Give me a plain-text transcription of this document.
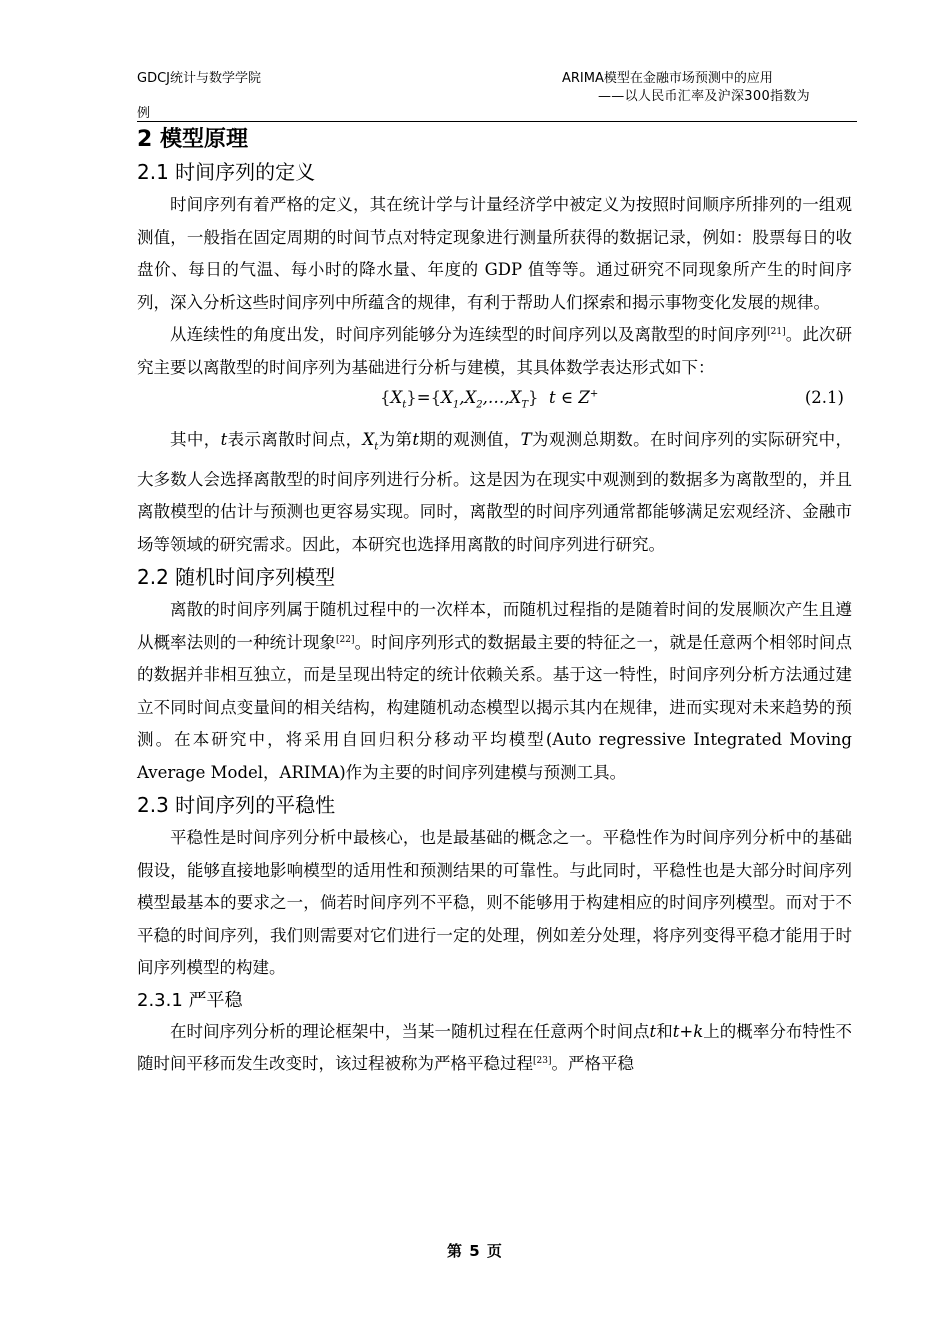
GDCJ统计与数学学院	ARIMA模型在金融市场预测中的应用
——以人民币汇率及沪深300指数为
例
2 模型原理
2.1 时间序列的定义

时间序列有着严格的定义，其在统计学与计量经济学中被定义为按照时间顺序所排列的一组观测值，一般指在固定周期的时间节点对特定现象进行测量所获得的数据记录，例如：股票每日的收盘价、每日的气温、每小时的降水量、年度的 GDP 值等等。通过研究不同现象所产生的时间序列，深入分析这些时间序列中所蕴含的规律，有利于帮助人们探索和揭示事物变化发展的规律。

从连续性的角度出发，时间序列能够分为连续型的时间序列以及离散型的时间序列[21]。此次研究主要以离散型的时间序列为基础进行分析与建模，其具体数学表达形式如下：

$\{X_t\}=\{X_1,X_2,\dots,X_T\}$  t ∈ Z+	(2.1)

其中，t表示离散时间点，$X_t$为第t期的观测值，T为观测总期数。在时间序列的实际研究中，大多数人会选择离散型的时间序列进行分析。这是因为在现实中观测到的数据多为离散型的，并且离散模型的估计与预测也更容易实现。同时，离散型的时间序列通常都能够满足宏观经济、金融市场等领域的研究需求。因此，本研究也选择用离散的时间序列进行研究。

2.2 随机时间序列模型

离散的时间序列属于随机过程中的一次样本，而随机过程指的是随着时间的发展顺次产生且遵从概率法则的一种统计现象[22]。时间序列形式的数据最主要的特征之一，就是任意两个相邻时间点的数据并非相互独立，而是呈现出特定的统计依赖关系。基于这一特性，时间序列分析方法通过建立不同时间点变量间的相关结构，构建随机动态模型以揭示其内在规律，进而实现对未来趋势的预测。在本研究中，将采用自回归积分移动平均模型(Auto regressive Integrated Moving Average Model，ARIMA)作为主要的时间序列建模与预测工具。

2.3 时间序列的平稳性

平稳性是时间序列分析中最核心，也是最基础的概念之一。平稳性作为时间序列分析中的基础假设，能够直接地影响模型的适用性和预测结果的可靠性。与此同时，平稳性也是大部分时间序列模型最基本的要求之一，倘若时间序列不平稳，则不能够用于构建相应的时间序列模型。而对于不平稳的时间序列，我们则需要对它们进行一定的处理，例如差分处理，将序列变得平稳才能用于时间序列模型的构建。

2.3.1 严平稳

在时间序列分析的理论框架中，当某一随机过程在任意两个时间点t和t+k上的概率分布特性不随时间平移而发生改变时，该过程被称为严格平稳过程[23]。严格平稳

第 5 页
